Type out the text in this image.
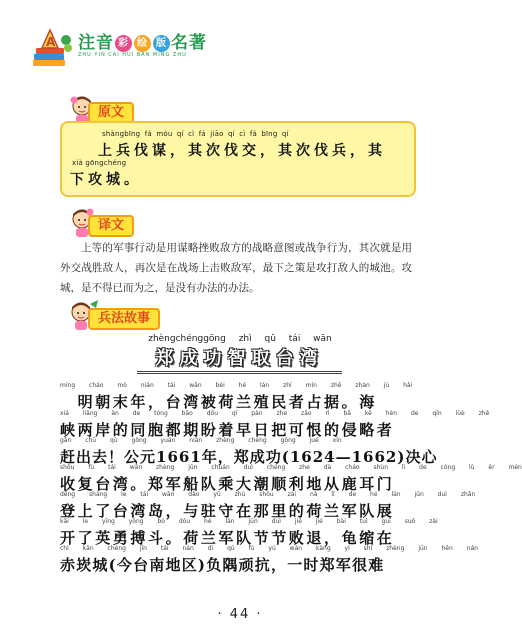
A 注音 彩 绘 版 名著
ZHU YIN CAI HUI BAN MING ZHU
原文
shàngbīng fá móu qí cì fá jiāo qí cì fá bīng qí
上兵伐谋，其次伐交，其次伐兵，其
xià gōngchéng
下攻城。
译文

上等的军事行动是用谋略挫败敌方的战略意图或战争行为，其次就是用外交战胜敌人，再次是在战场上击败敌军，最下之策是攻打敌人的城池。攻城，是不得已而为之，是没有办法的办法。

兵法故事
zhèngchénggōng zhì qǔ tái wān
郑成功智取台湾
míng cháo mò nián tái wān bèi hé lán zhí mín zhě zhàn jù hǎi
　明朝末年，台湾被荷兰殖民者占据。海
xiá liǎng àn de tóng bāo dōu qī pàn zhe zǎo rì bǎ kě hèn de qīn lüè zhě
峡两岸的同胞都期盼着早日把可恨的侵略者
gǎn chū qù gōng yuán nián zhèng chéng gōng jué xīn
赶出去！公元1661年，郑成功(1624—1662)决心
shōu fù tái wān zhèng jūn chuán duì chéng zhe dà cháo shùn lì de cóng lù ěr mén
收复台湾。郑军船队乘大潮顺利地从鹿耳门
dēng shàng le tái wān dǎo yǔ zhù shǒu zài nà lǐ de hé lán jūn duì zhǎn
登上了台湾岛，与驻守在那里的荷兰军队展
kāi le yīng yǒng bó dòu hé lán jūn duì jié jié bài tuì guī suō zài
开了英勇搏斗。荷兰军队节节败退，龟缩在
chì kǎn chéng jīn tái nán dì qū fù yú wán kàng yì shí zhèng jūn hěn nán
赤崁城(今台南地区)负隅顽抗，一时郑军很难
· 44 ·
